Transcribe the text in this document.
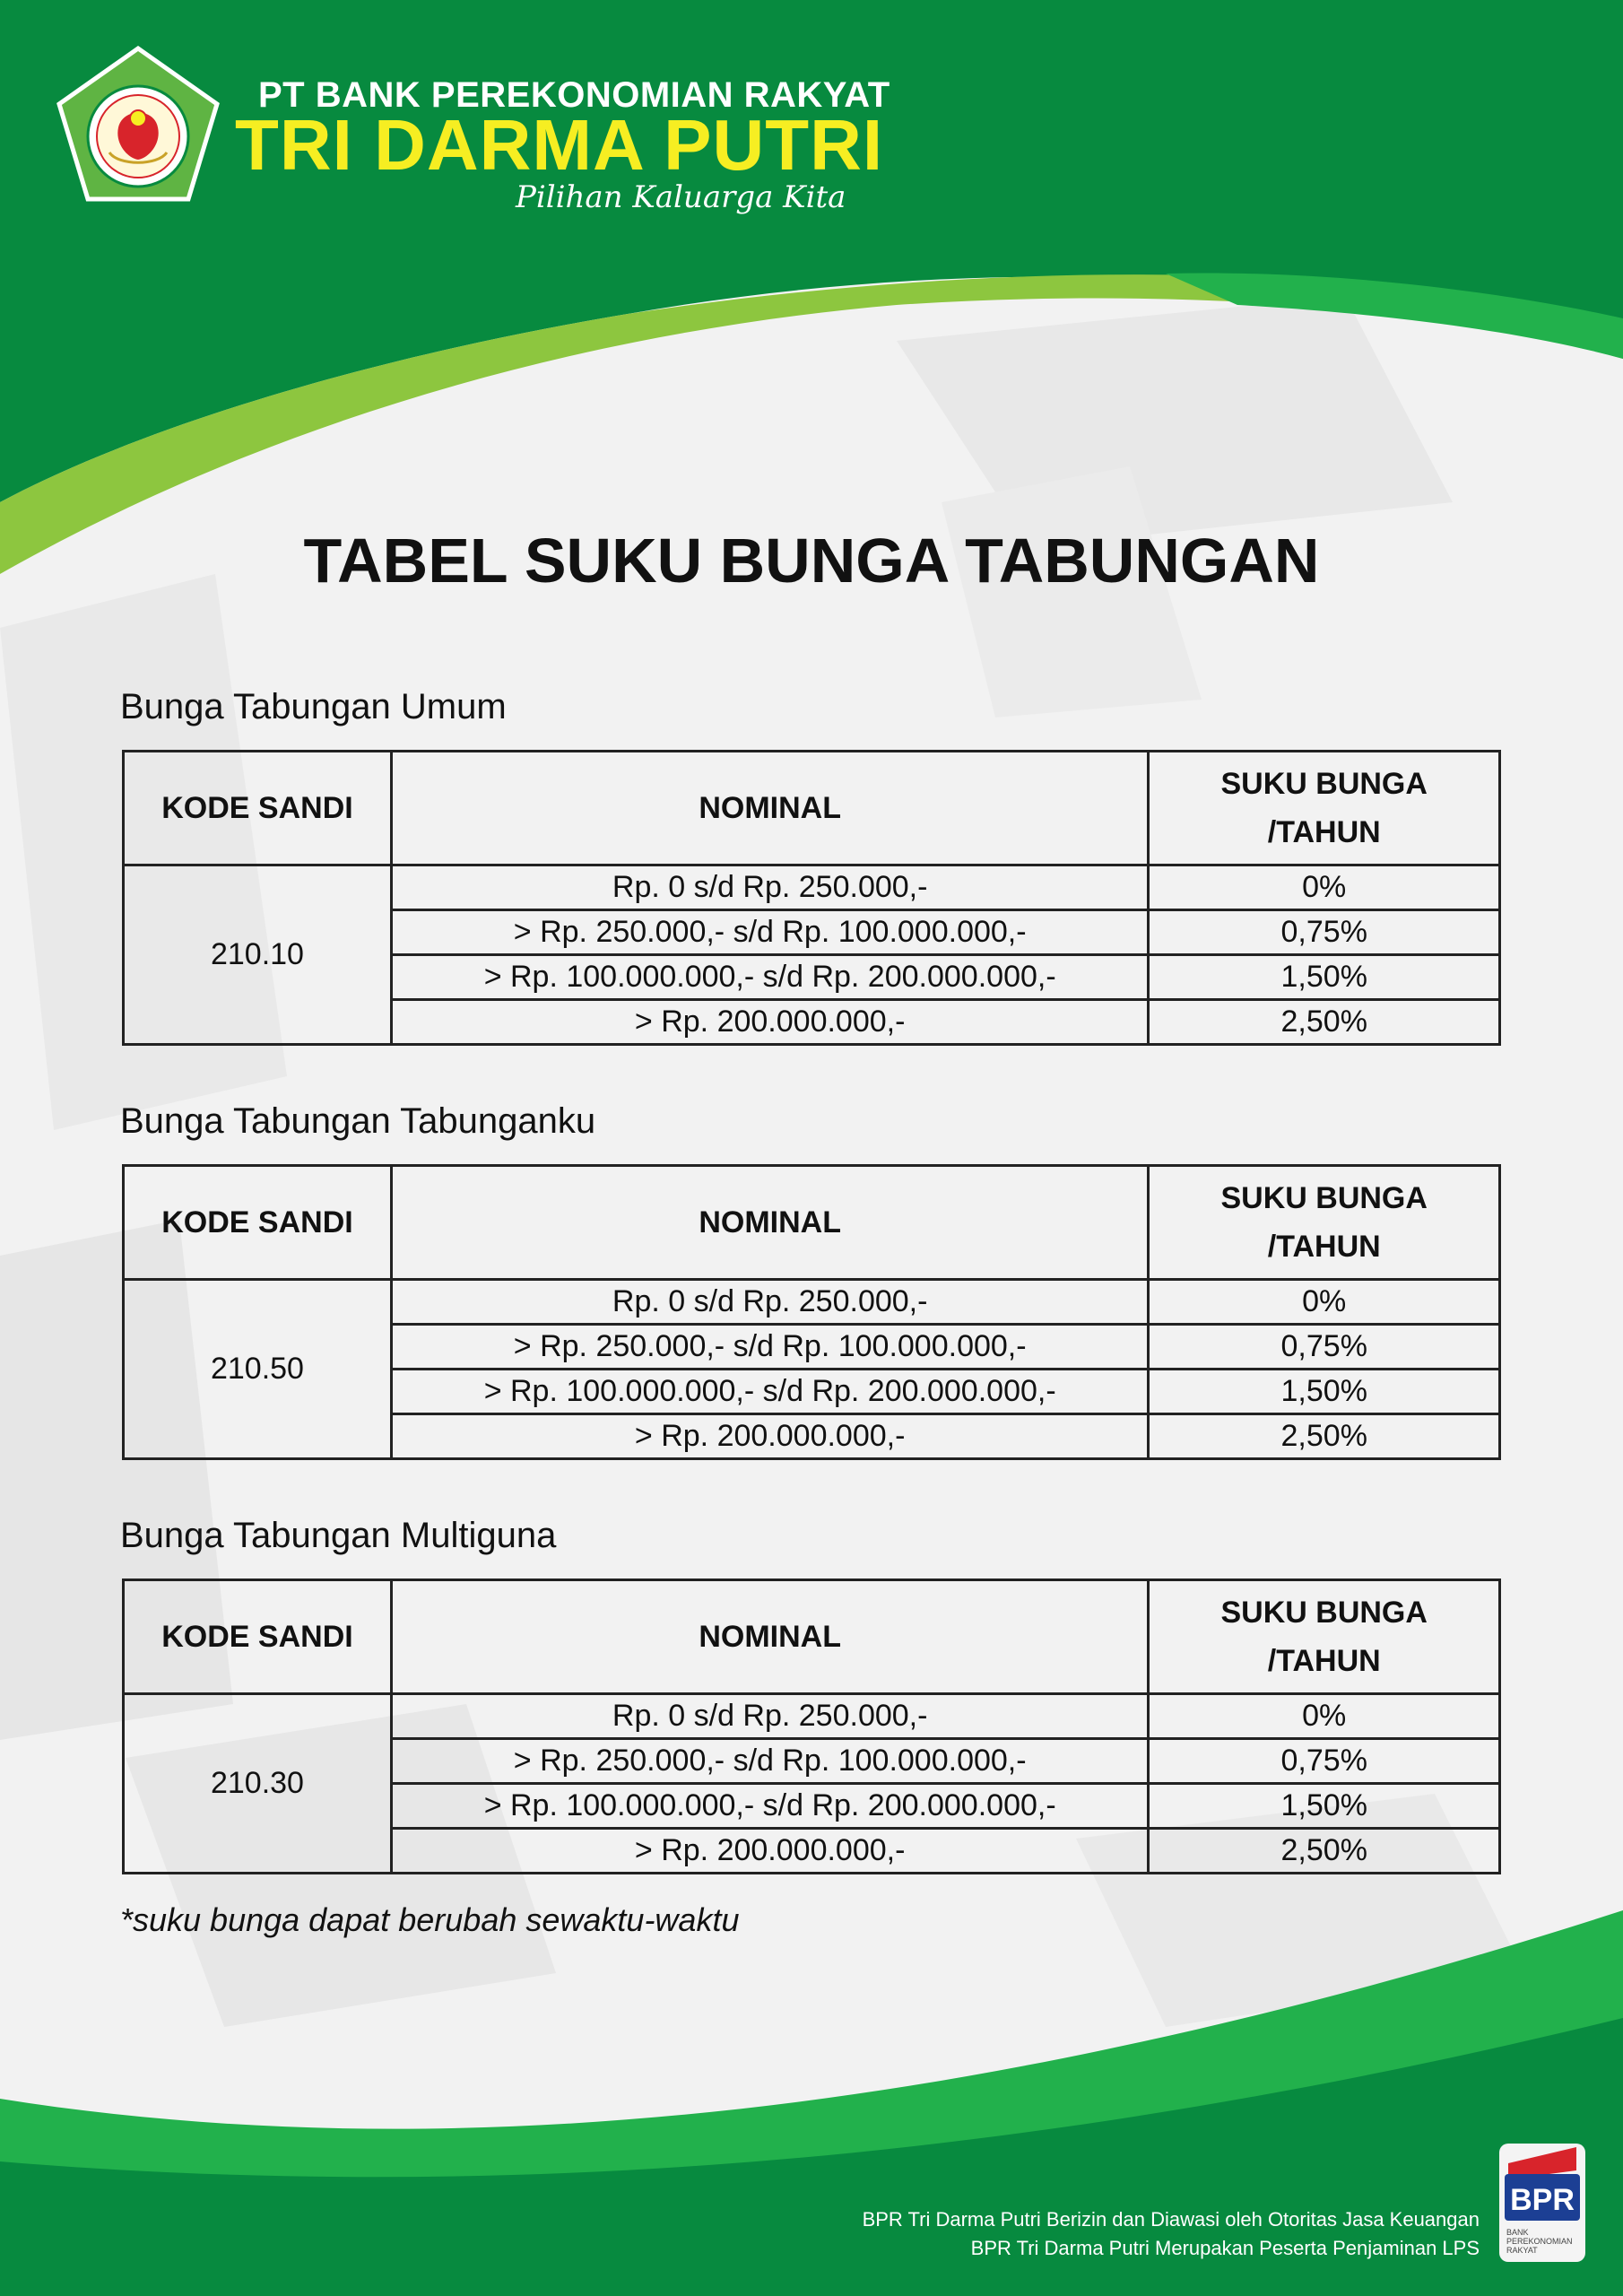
PT BANK PEREKONOMIAN RAKYAT
TRI DARMA PUTRI
Pilihan Kaluarga Kita
TABEL SUKU BUNGA TABUNGAN
Bunga Tabungan Umum
KODE SANDI	NOMINAL	SUKU BUNGA
/TAHUN
210.10	Rp. 0 s/d Rp. 250.000,-	0%
	> Rp. 250.000,- s/d Rp. 100.000.000,-	0,75%
	> Rp. 100.000.000,- s/d Rp. 200.000.000,-	1,50%
	> Rp. 200.000.000,-	2,50%
Bunga Tabungan Tabunganku
KODE SANDI	NOMINAL	SUKU BUNGA
/TAHUN
210.50	Rp. 0 s/d Rp. 250.000,-	0%
	> Rp. 250.000,- s/d Rp. 100.000.000,-	0,75%
	> Rp. 100.000.000,- s/d Rp. 200.000.000,-	1,50%
	> Rp. 200.000.000,-	2,50%
Bunga Tabungan Multiguna
KODE SANDI	NOMINAL	SUKU BUNGA
/TAHUN
210.30	Rp. 0 s/d Rp. 250.000,-	0%
	> Rp. 250.000,- s/d Rp. 100.000.000,-	0,75%
	> Rp. 100.000.000,- s/d Rp. 200.000.000,-	1,50%
	> Rp. 200.000.000,-	2,50%
*suku bunga dapat berubah sewaktu-waktu
BPR Tri Darma Putri Berizin dan Diawasi oleh Otoritas Jasa Keuangan
BPR Tri Darma Putri Merupakan Peserta Penjaminan LPS
BPR
BANK
PEREKONOMIAN
RAKYAT
